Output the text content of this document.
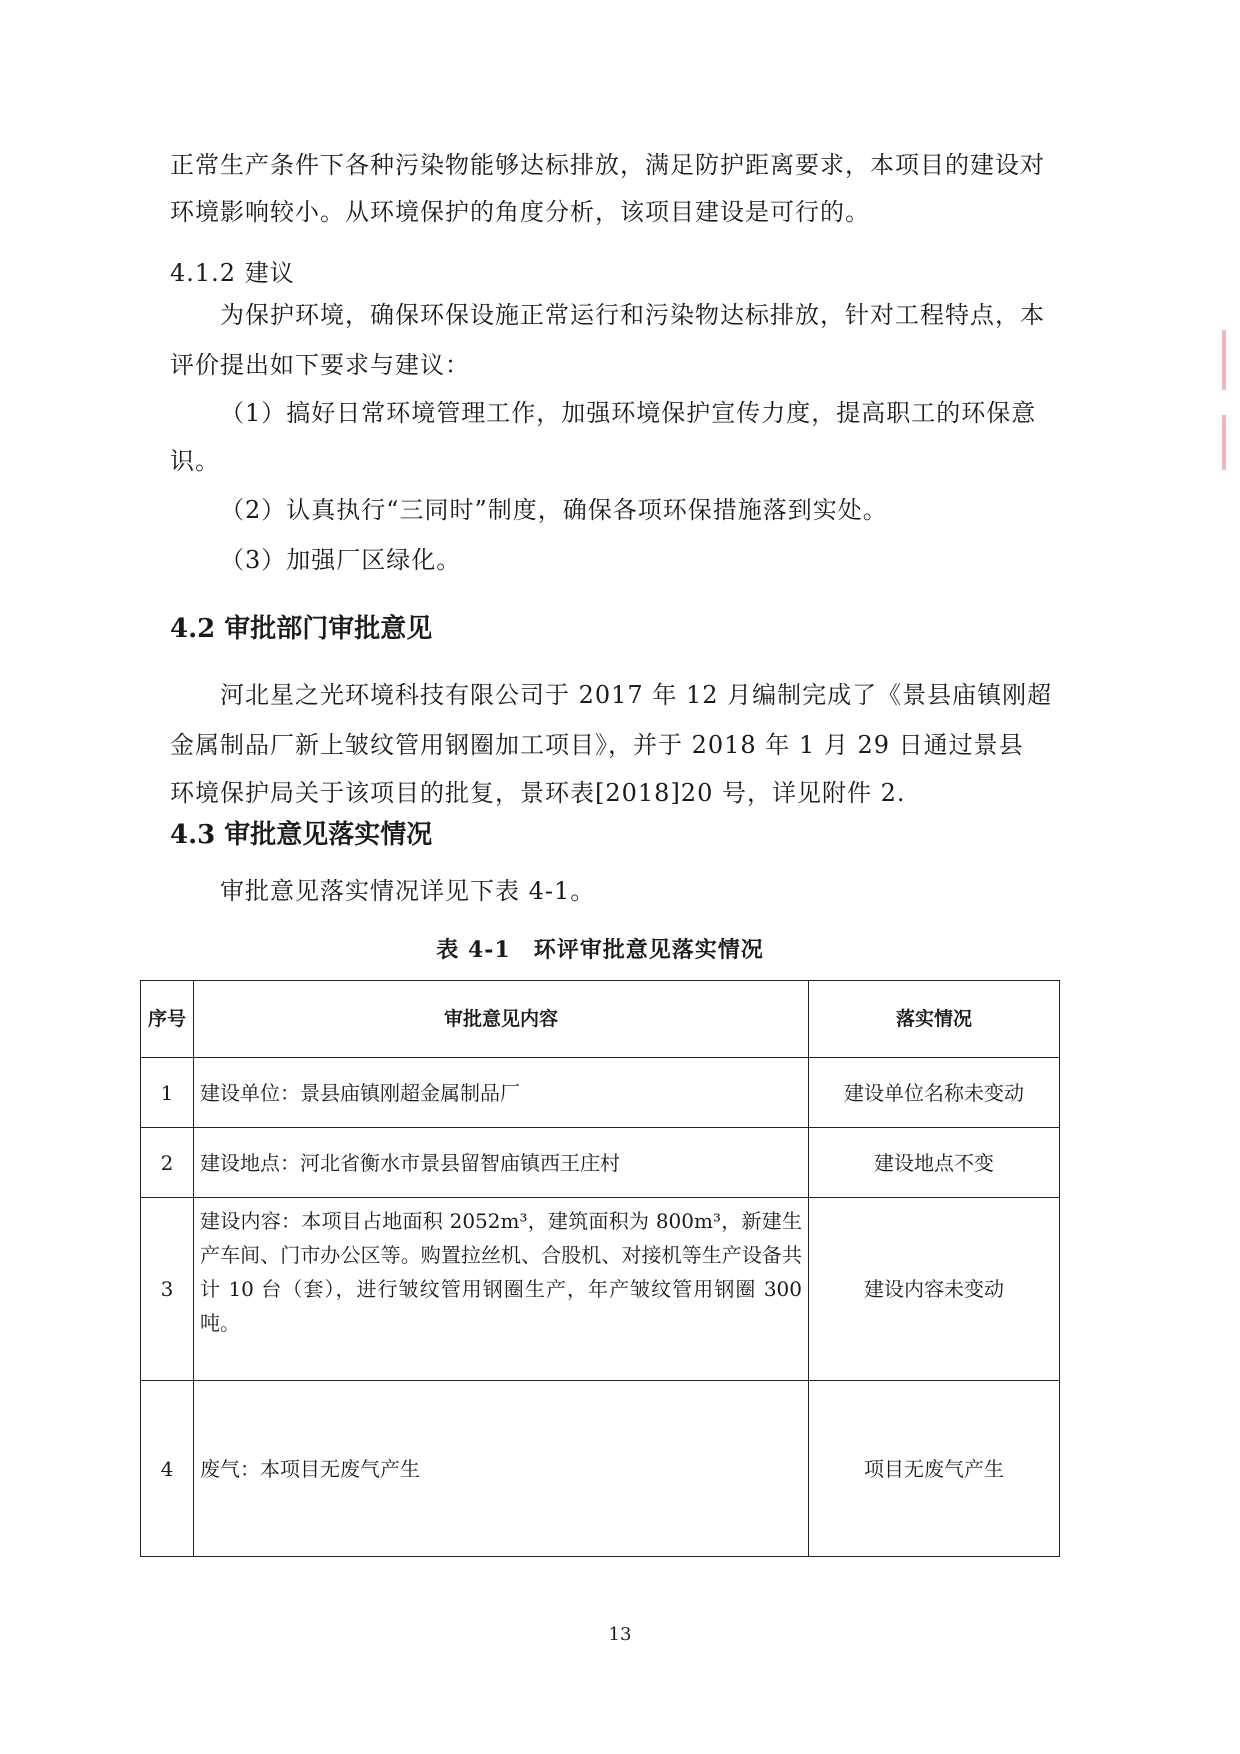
正常生产条件下各种污染物能够达标排放，满足防护距离要求，本项目的建设对
环境影响较小。从环境保护的角度分析，该项目建设是可行的。
4.1.2 建议
为保护环境，确保环保设施正常运行和污染物达标排放，针对工程特点，本
评价提出如下要求与建议：
（1）搞好日常环境管理工作，加强环境保护宣传力度，提高职工的环保意
识。
（2）认真执行“三同时”制度，确保各项环保措施落到实处。
（3）加强厂区绿化。
4.2 审批部门审批意见
河北星之光环境科技有限公司于 2017 年 12 月编制完成了《景县庙镇刚超
金属制品厂新上皱纹管用钢圈加工项目》，并于 2018 年 1 月 29 日通过景县
环境保护局关于该项目的批复，景环表[2018]20 号，详见附件 2.
4.3 审批意见落实情况
审批意见落实情况详见下表 4-1。
表 4-1　环评审批意见落实情况
序号	审批意见内容	落实情况
1	建设单位：景县庙镇刚超金属制品厂	建设单位名称未变动
2	建设地点：河北省衡水市景县留智庙镇西王庄村	建设地点不变
3	建设内容：本项目占地面积 2052m³，建筑面积为 800m³，新建生产车间、门市办公区等。购置拉丝机、合股机、对接机等生产设备共计 10 台（套），进行皱纹管用钢圈生产，年产皱纹管用钢圈 300 吨。	建设内容未变动
4	废气：本项目无废气产生	项目无废气产生
13
